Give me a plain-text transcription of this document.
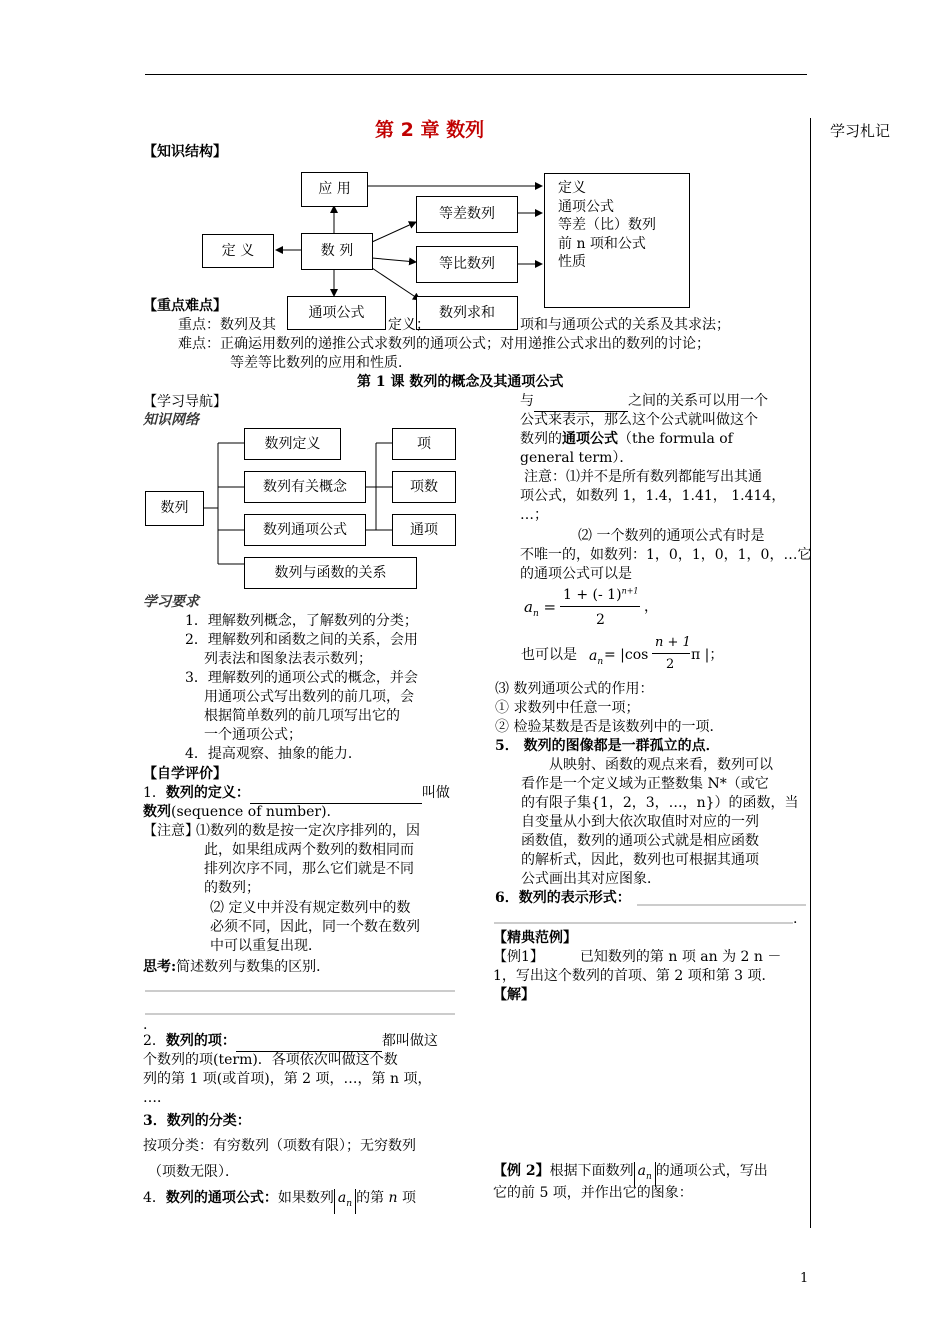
学习札记
第 2 章 数列
【知识结构】
应 用
定 义	数 列
等差数列
等比数列
通项公式	数列求和
定义
通项公式
等差（比）数列
前 n 项和公式
性质
【重点难点】
重点：数列及其	定义；	项和与通项公式的关系及其求法；
难点：正确运用数列的递推公式求数列的通项公式；对用递推公式求出的数列的讨论；
等差等比数列的应用和性质．
第 1 课 数列的概念及其通项公式
【学习导航】
知识网络
数列
数列定义
数列有关概念
数列通项公式
数列与函数的关系
项
项数
通项
学习要求
1．理解数列概念，了解数列的分类；
2．理解数列和函数之间的关系，会用
列表法和图象法表示数列；
3．理解数列的通项公式的概念，并会
用通项公式写出数列的前几项，会
根据简单数列的前几项写出它的
一个通项公式；
4．提高观察、抽象的能力．
【自学评价】
1．数列的定义：	叫做
数列(sequence of number).
【注意】
⑴数列的数是按一定次序排列的，因
此，如果组成两个数列的数相同而
排列次序不同，那么它们就是不同
的数列；
⑵ 定义中并没有规定数列中的数
必须不同，因此，同一个数在数列
中可以重复出现．
思考:简述数列与数集的区别．
.
2．数列的项：	都叫做这
个数列的项(term)．各项依次叫做这个数
列的第 1 项(或首项)，第 2 项，…，第 n 项，
…．
3．数列的分类：
按项分类：有穷数列（项数有限）；无穷数列
（项数无限）．
4．数列的通项公式：如果数列 $a_n$ 的第 n 项
与	之间的关系可以用一个
公式来表示，那么这个公式就叫做这个
数列的通项公式（the formula of
general term）．
注意：⑴并不是所有数列都能写出其通
项公式，如数列 1，1.4，1.41， 1.414，
…；
⑵ 一个数列的通项公式有时是
不唯一的，如数列：1，0，1，0，1，0，…它
的通项公式可以是
$a_n$ =
1 + (- 1)$^{n+1}$
2
，
也可以是 $a_n = |\cos$
n + 1
2
π |；
⑶ 数列通项公式的作用：
① 求数列中任意一项；
② 检验某数是否是该数列中的一项．
5． 数列的图像都是一群孤立的点．
从映射、函数的观点来看，数列可以
看作是一个定义域为正整数集 N*（或它
的有限子集{1，2，3，…，n}）的函数，当
自变量从小到大依次取值时对应的一列
函数值，数列的通项公式就是相应函数
的解析式，因此，数列也可根据其通项
公式画出其对应图象．
6．数列的表示形式：
.
【精典范例】
【例1】	已知数列的第 n 项 an 为 2 n －
1，写出这个数列的首项、第 2 项和第 3 项．
【解】
【例 2】根据下面数列 $a_n$ 的通项公式，写出
它的前 5 项，并作出它的图象：
1
